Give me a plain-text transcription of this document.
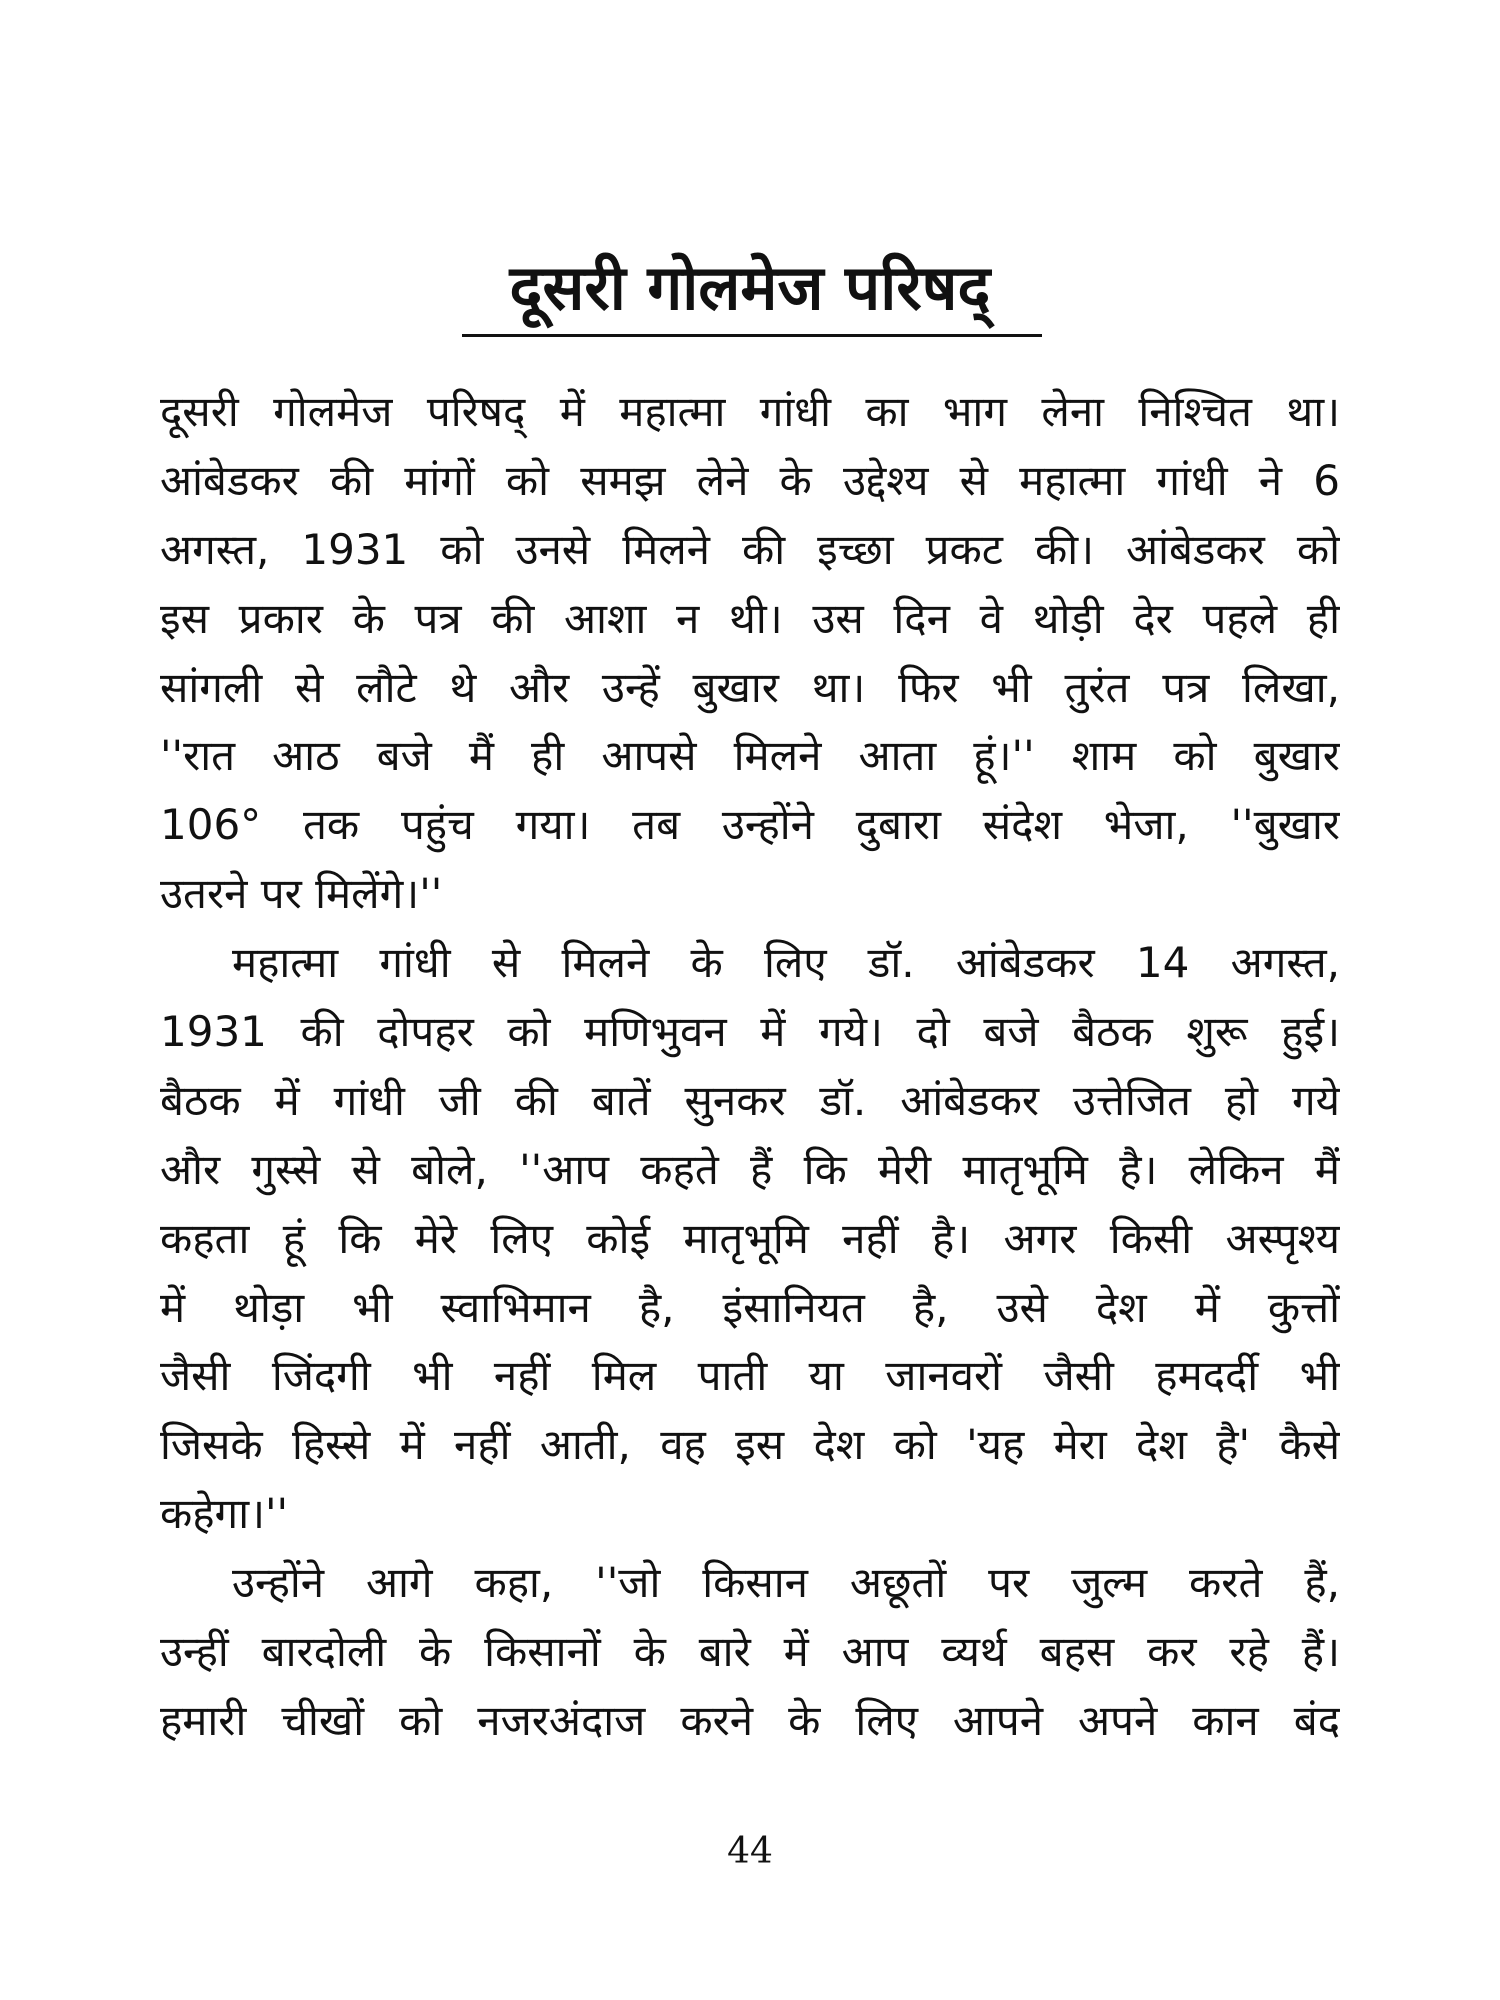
दूसरी गोलमेज परिषद्
दूसरी गोलमेज परिषद् में महात्मा गांधी का भाग लेना निश्चित था।
आंबेडकर की मांगों को समझ लेने के उद्देश्य से महात्मा गांधी ने 6
अगस्त, 1931 को उनसे मिलने की इच्छा प्रकट की। आंबेडकर को
इस प्रकार के पत्र की आशा न थी। उस दिन वे थोड़ी देर पहले ही
सांगली से लौटे थे और उन्हें बुखार था। फिर भी तुरंत पत्र लिखा,
''रात आठ बजे मैं ही आपसे मिलने आता हूं।'' शाम को बुखार
106° तक पहुंच गया। तब उन्होंने दुबारा संदेश भेजा, ''बुखार
उतरने पर मिलेंगे।''
महात्मा गांधी से मिलने के लिए डॉ. आंबेडकर 14 अगस्त,
1931 की दोपहर को मणिभुवन में गये। दो बजे बैठक शुरू हुई।
बैठक में गांधी जी की बातें सुनकर डॉ. आंबेडकर उत्तेजित हो गये
और गुस्से से बोले, ''आप कहते हैं कि मेरी मातृभूमि है। लेकिन मैं
कहता हूं कि मेरे लिए कोई मातृभूमि नहीं है। अगर किसी अस्पृश्य
में थोड़ा भी स्वाभिमान है, इंसानियत है, उसे देश में कुत्तों
जैसी जिंदगी भी नहीं मिल पाती या जानवरों जैसी हमदर्दी भी
जिसके हिस्से में नहीं आती, वह इस देश को 'यह मेरा देश है' कैसे
कहेगा।''
उन्होंने आगे कहा, ''जो किसान अछूतों पर जुल्म करते हैं,
उन्हीं बारदोली के किसानों के बारे में आप व्यर्थ बहस कर रहे हैं।
हमारी चीखों को नजरअंदाज करने के लिए आपने अपने कान बंद
44
